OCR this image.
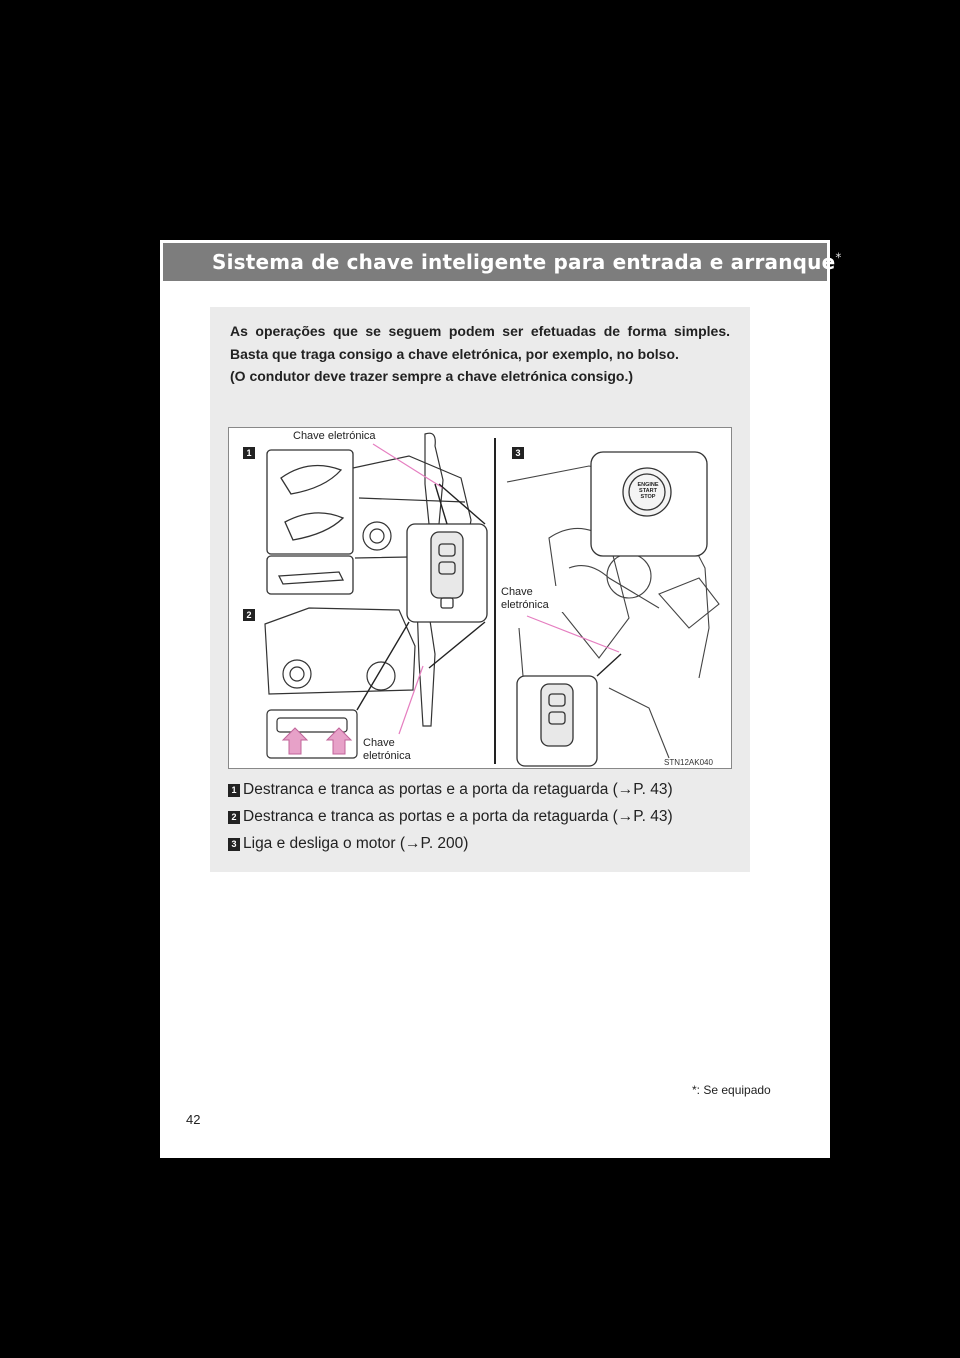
Sistema de chave inteligente para entrada e arranque*
As operações que se seguem podem ser efetuadas de forma simples. Basta que traga consigo a chave eletrónica, por exemplo, no bolso.
(O condutor deve trazer sempre a chave eletrónica consigo.)
1
2
3
Chave eletrónica
Chave eletrónica
Chave eletrónica
ENGINE START STOP
STN12AK040
1 Destranca e tranca as portas e a porta da retaguarda (→P. 43)
2 Destranca e tranca as portas e a porta da retaguarda (→P. 43)
3 Liga e desliga o motor (→P. 200)
*: Se equipado
42
